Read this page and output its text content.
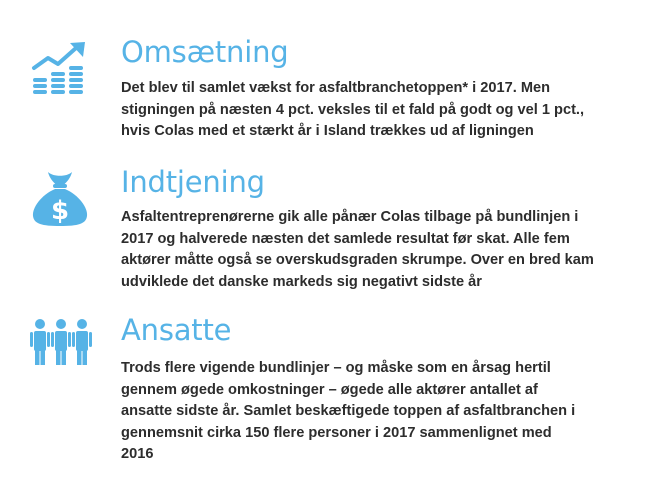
Omsætning
Det blev til samlet vækst for asfaltbranchetoppen* i 2017. Men
stigningen på næsten 4 pct. veksles til et fald på godt og vel 1 pct.,
hvis Colas med et stærkt år i Island trækkes ud af ligningen
$
Indtjening
Asfaltentreprenørerne gik alle pånær Colas tilbage på bundlinjen i
2017 og halverede næsten det samlede resultat før skat. Alle fem
aktører måtte også se overskudsgraden skrumpe. Over en bred kam
udviklede det danske markeds sig negativt sidste år
Ansatte
Trods flere vigende bundlinjer – og måske som en årsag hertil
gennem øgede omkostninger – øgede alle aktører antallet af
ansatte sidste år. Samlet beskæftigede toppen af asfaltbranchen i
gennemsnit cirka 150 flere personer i 2017 sammenlignet med
2016
